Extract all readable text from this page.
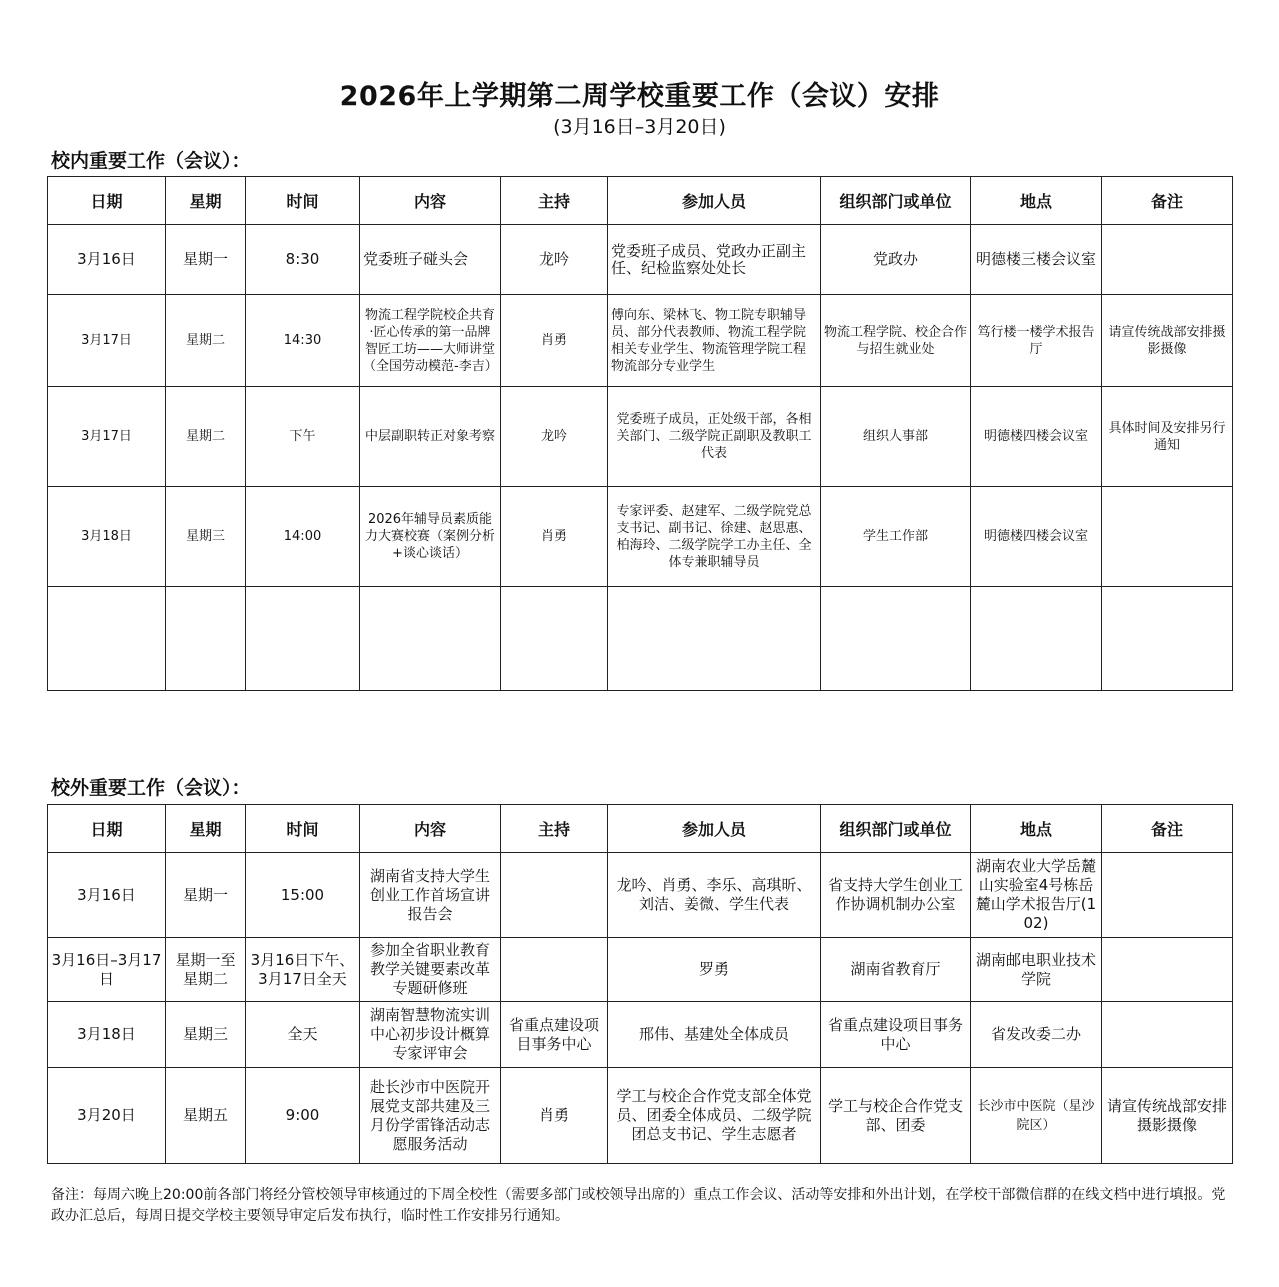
2026年上学期第二周学校重要工作（会议）安排
(3月16日–3月20日)
校内重要工作（会议）：
日期	星期	时间	内容	主持	参加人员	组织部门或单位	地点	备注
3月16日	星期一	8:30	党委班子碰头会	龙吟	党委班子成员、党政办正副主任、纪检监察处处长	党政办	明德楼三楼会议室	
3月17日	星期二	14:30	物流工程学院校企共育·匠心传承的第一品牌 智匠工坊——大师讲堂（全国劳动模范-李吉）	肖勇	傅向东、梁林飞、物工院专职辅导员、部分代表教师、物流工程学院相关专业学生、物流管理学院工程物流部分专业学生	物流工程学院、校企合作与招生就业处	笃行楼一楼学术报告厅	请宣传统战部安排摄影摄像
3月17日	星期二	下午	中层副职转正对象考察	龙吟	党委班子成员，正处级干部，各相关部门、二级学院正副职及教职工代表	组织人事部	明德楼四楼会议室	具体时间及安排另行通知
3月18日	星期三	14:00	2026年辅导员素质能力大赛校赛（案例分析+谈心谈话）	肖勇	专家评委、赵建军、二级学院党总支书记、副书记、徐建、赵思惠、柏海玲、二级学院学工办主任、全体专兼职辅导员	学生工作部	明德楼四楼会议室	

校外重要工作（会议）：
日期	星期	时间	内容	主持	参加人员	组织部门或单位	地点	备注
3月16日	星期一	15:00	湖南省支持大学生创业工作首场宣讲报告会		龙吟、肖勇、李乐、高琪昕、刘洁、姜微、学生代表	省支持大学生创业工作协调机制办公室	湖南农业大学岳麓山实验室4号栋岳麓山学术报告厅(102)	
3月16日–3月17日	星期一至星期二	3月16日下午、3月17日全天	参加全省职业教育教学关键要素改革专题研修班		罗勇	湖南省教育厅	湖南邮电职业技术学院	
3月18日	星期三	全天	湖南智慧物流实训中心初步设计概算专家评审会	省重点建设项目事务中心	邢伟、基建处全体成员	省重点建设项目事务中心	省发改委二办	
3月20日	星期五	9:00	赴长沙市中医院开展党支部共建及三月份学雷锋活动志愿服务活动	肖勇	学工与校企合作党支部全体党员、团委全体成员、二级学院团总支书记、学生志愿者	学工与校企合作党支部、团委	长沙市中医院（星沙院区）	请宣传统战部安排摄影摄像
备注：每周六晚上20:00前各部门将经分管校领导审核通过的下周全校性（需要多部门或校领导出席的）重点工作会议、活动等安排和外出计划，在学校干部微信群的在线文档中进行填报。党政办汇总后，每周日提交学校主要领导审定后发布执行，临时性工作安排另行通知。
